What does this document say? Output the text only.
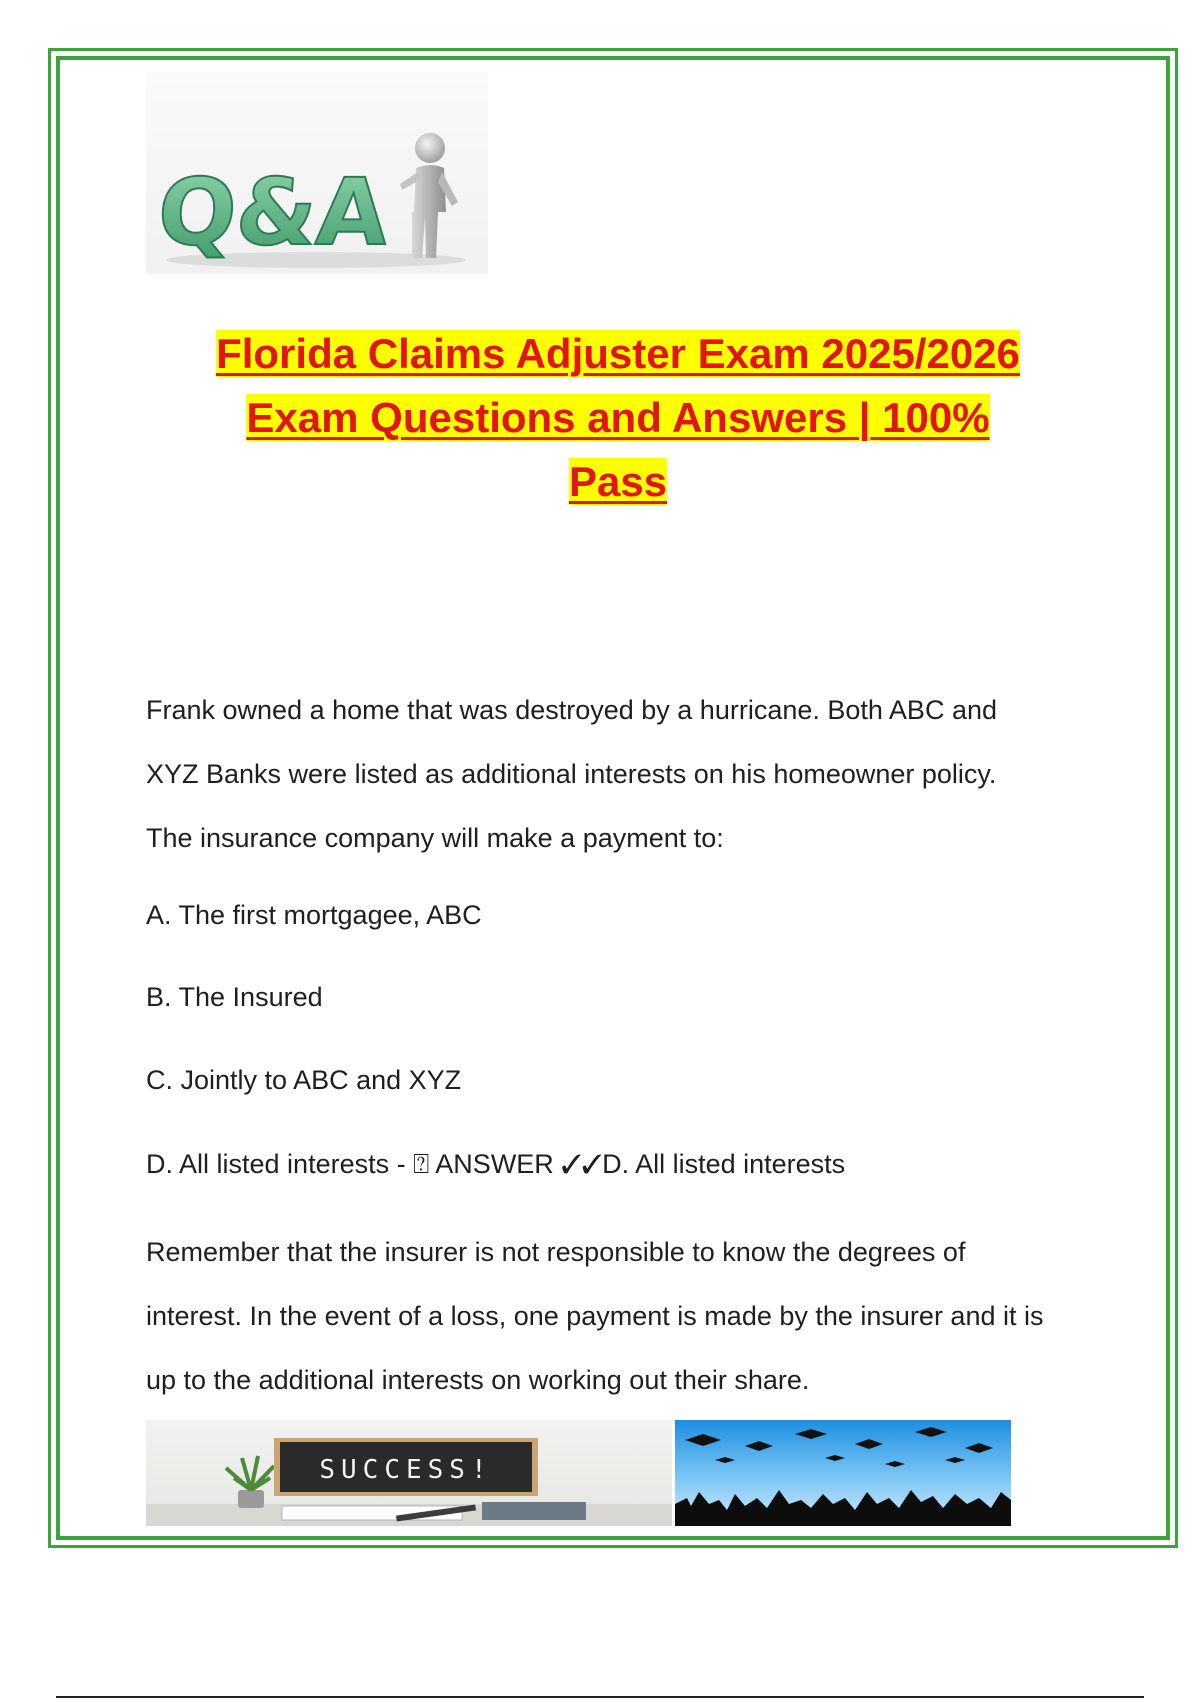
Q&A
Florida Claims Adjuster Exam 2025/2026
Exam Questions and Answers | 100%
Pass
Frank owned a home that was destroyed by a hurricane. Both ABC and
XYZ Banks were listed as additional interests on his homeowner policy.
The insurance company will make a payment to:
A. The first mortgagee, ABC
B. The Insured
C. Jointly to ABC and XYZ
D. All listed interests - ⍰ ANSWER ✓✓D. All listed interests
Remember that the insurer is not responsible to know the degrees of
interest. In the event of a loss, one payment is made by the insurer and it is
up to the additional interests on working out their share.
SUCCESS!
